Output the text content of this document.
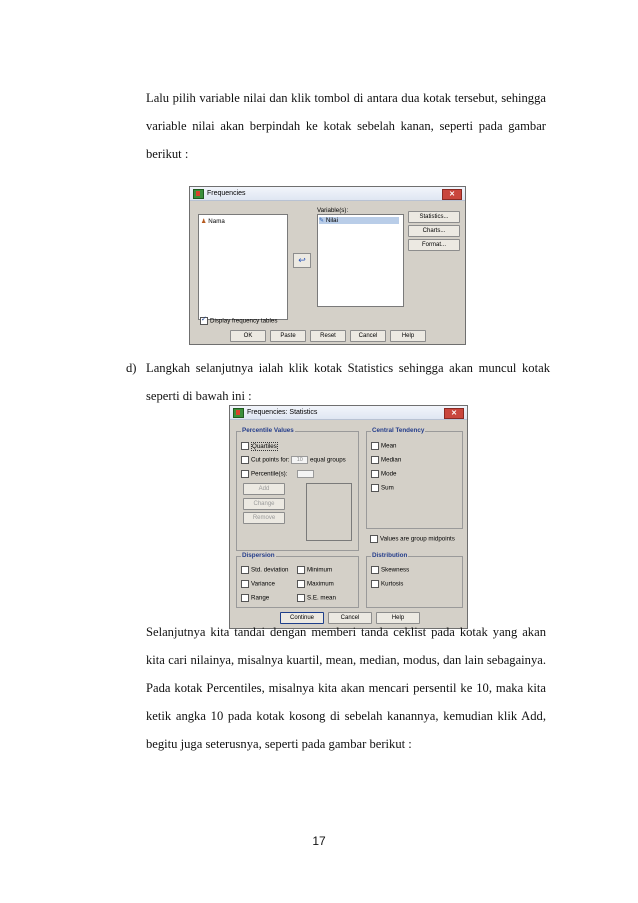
Lalu pilih variable nilai dan klik tombol di antara dua kotak tersebut, sehingga variable nilai akan berpindah ke kotak sebelah kanan, seperti pada gambar berikut :
Frequencies	✕
♟ Nama
↩
Variable(s):
✎ Nilai	Statistics...
Charts...
Format...
✓Display frequency tables
OK	Paste	Reset	Cancel	Help
d) Langkah selanjutnya ialah klik kotak Statistics sehingga akan muncul kotak seperti di bawah ini :
Frequencies: Statistics	✕
Percentile Values
Quartiles
Cut points for: 10 equal groups
Percentile(s):
Add
Change
Remove
Central Tendency
Mean
Median
Mode
Sum
Values are group midpoints
Dispersion
Std. deviation
Variance
Range
Minimum
Maximum
S.E. mean
Distribution
Skewness
Kurtosis
Continue	Cancel	Help
Selanjutnya kita tandai dengan memberi tanda ceklist pada kotak yang akan kita cari nilainya, misalnya kuartil, mean, median, modus, dan lain sebagainya. Pada kotak Percentiles, misalnya kita akan mencari persentil ke 10, maka kita ketik angka 10 pada kotak kosong di sebelah kanannya, kemudian klik Add, begitu juga seterusnya, seperti pada gambar berikut :
17
